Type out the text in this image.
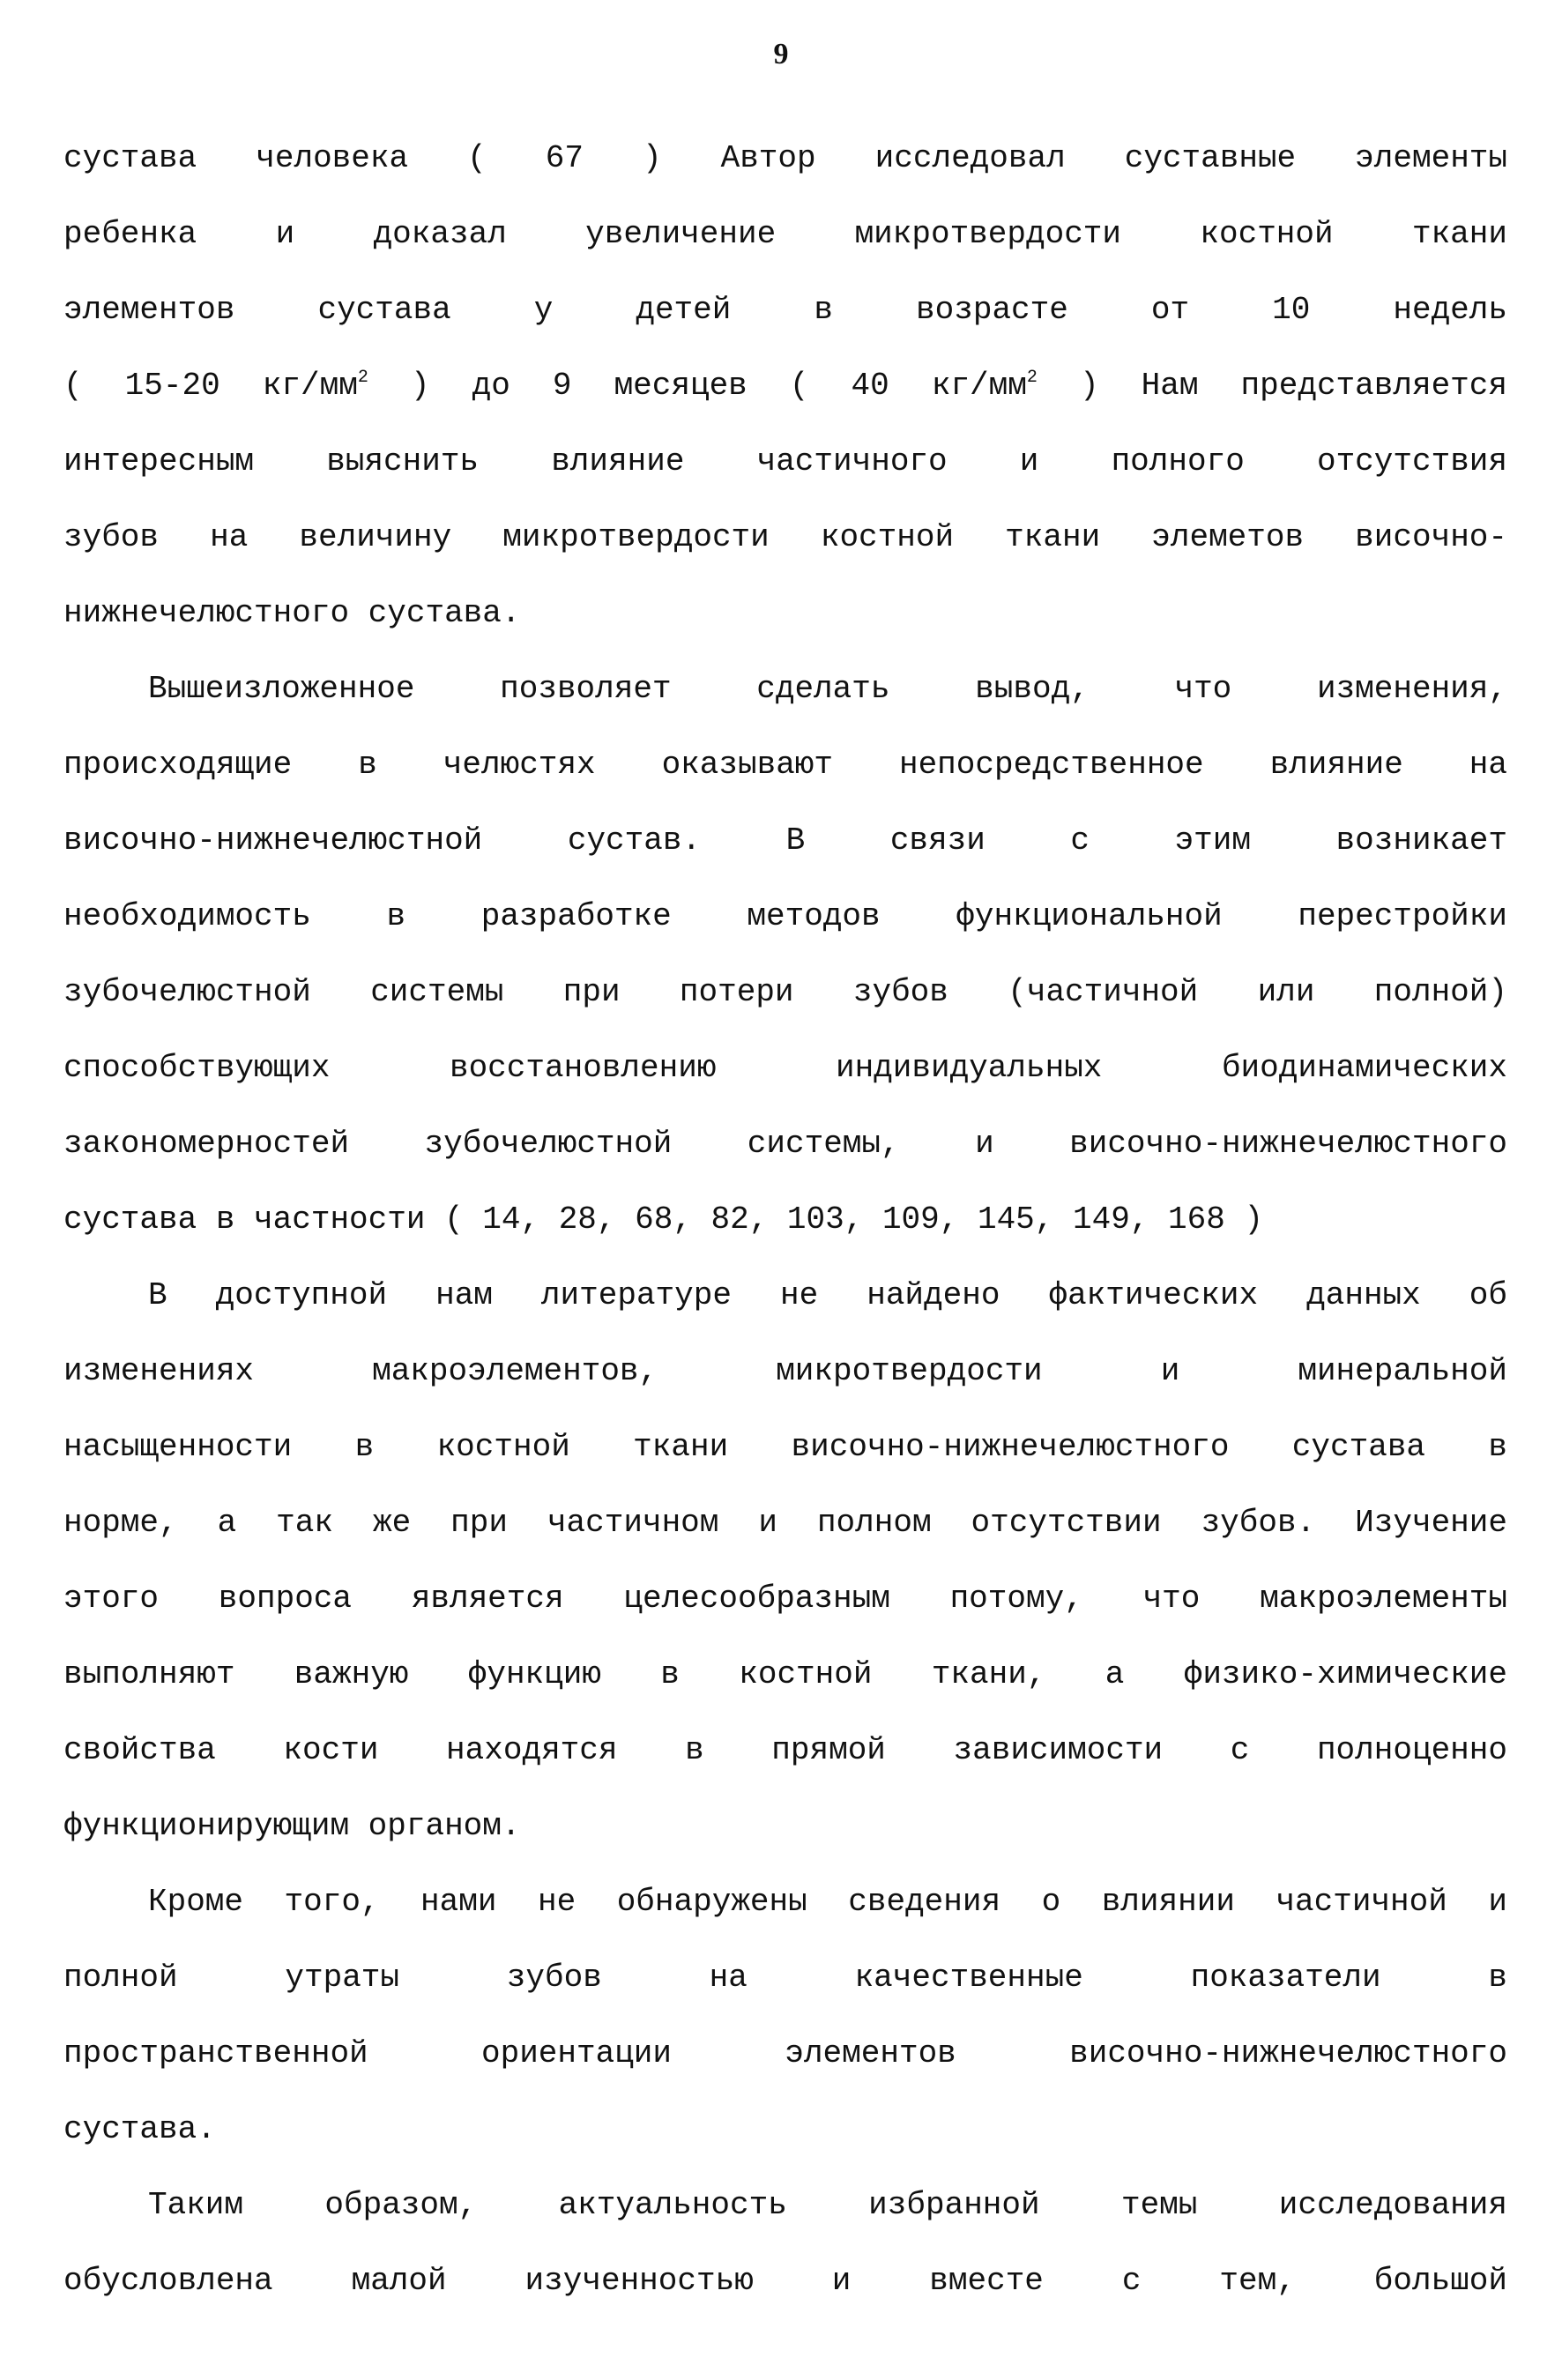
9
сустава человека ( 67 ) Автор исследовал суставные элементы
ребенка и доказал увеличение микротвердости костной ткани
элементов сустава у детей в возрасте от 10 недель
( 15-20 $кг/мм^2$ ) до 9 месяцев ( 40 $кг/мм^2$ ) Нам представляется
интересным выяснить влияние частичного и полного отсутствия
зубов на величину микротвердости костной ткани элеметов височно-
нижнечелюстного сустава.
Вышеизложенное позволяет сделать вывод, что изменения,
происходящие в челюстях оказывают непосредственное влияние на
височно-нижнечелюстной сустав. В связи с этим возникает
необходимость в разработке методов функциональной перестройки
зубочелюстной системы при потери зубов (частичной или полной)
способствующих восстановлению индивидуальных биодинамических
закономерностей зубочелюстной системы, и височно-нижнечелюстного
сустава в частности ( 14, 28, 68, 82, 103, 109, 145, 149, 168 )
В доступной нам литературе не найдено фактических данных об
изменениях макроэлементов, микротвердости и минеральной
насыщенности в костной ткани височно-нижнечелюстного сустава в
норме, а так же при частичном и полном отсутствии зубов. Изучение
этого вопроса является целесообразным потому, что макроэлементы
выполняют важную функцию в костной ткани, а физико-химические
свойства кости находятся в прямой зависимости с полноценно
функционирующим органом.
Кроме того, нами не обнаружены сведения о влиянии частичной и
полной утраты зубов на качественные показатели в
пространственной ориентации элементов височно-нижнечелюстного
сустава.
Таким образом, актуальность избранной темы исследования
обусловлена малой изученностью и вместе с тем, большой
